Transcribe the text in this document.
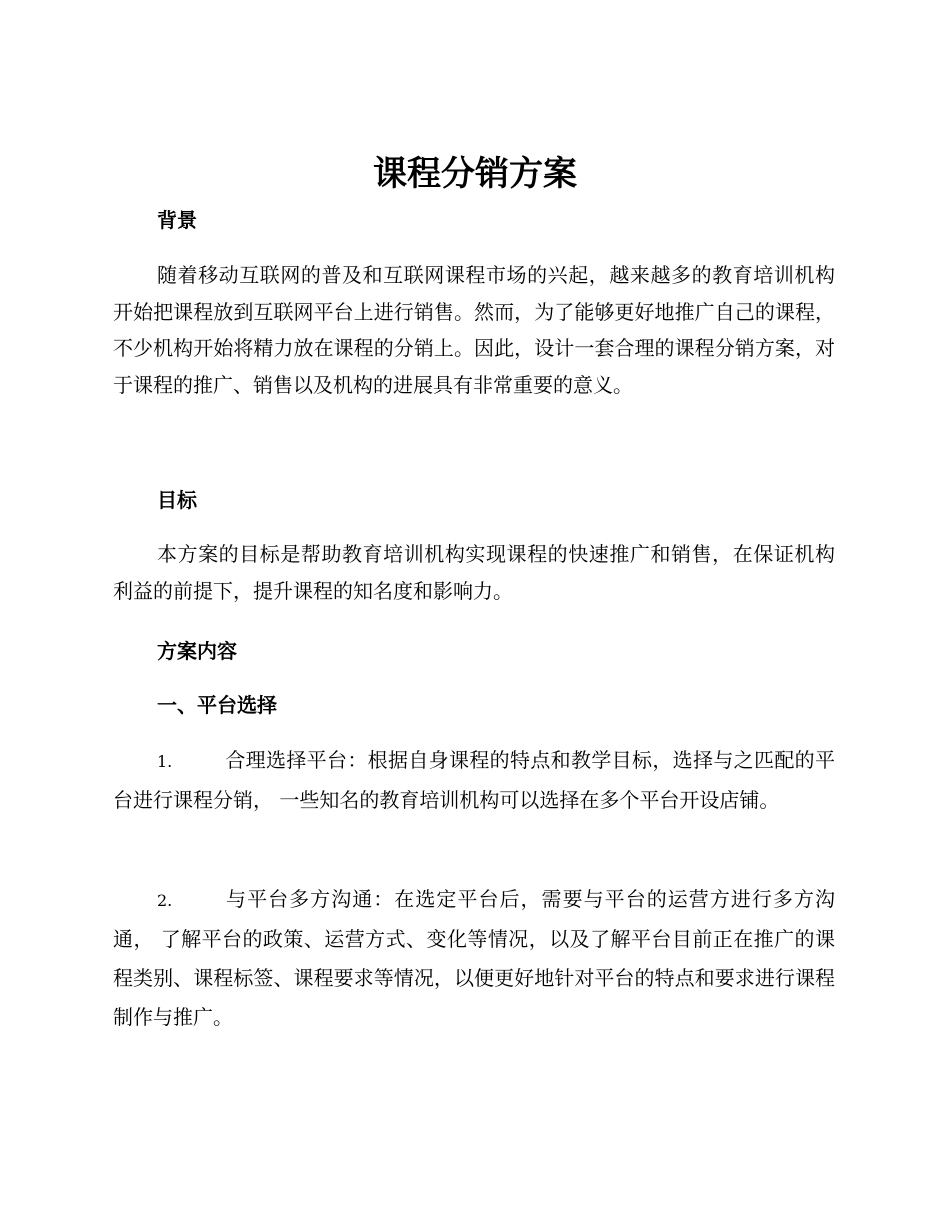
课程分销方案
背景

随着移动互联网的普及和互联网课程市场的兴起，越来越多的教育培训机构开始把课程放到互联网平台上进行销售。然而，为了能够更好地推广自己的课程，不少机构开始将精力放在课程的分销上。因此，设计一套合理的课程分销方案，对于课程的推广、销售以及机构的进展具有非常重要的意义。

目标

本方案的目标是帮助教育培训机构实现课程的快速推广和销售，在保证机构利益的前提下，提升课程的知名度和影响力。

方案内容
一、平台选择

1.	合理选择平台：根据自身课程的特点和教学目标，选择与之匹配的平台进行课程分销， 一些知名的教育培训机构可以选择在多个平台开设店铺。

2.	与平台多方沟通：在选定平台后，需要与平台的运营方进行多方沟通， 了解平台的政策、运营方式、变化等情况，以及了解平台目前正在推广的课程类别、课程标签、课程要求等情况，以便更好地针对平台的特点和要求进行课程制作与推广。
